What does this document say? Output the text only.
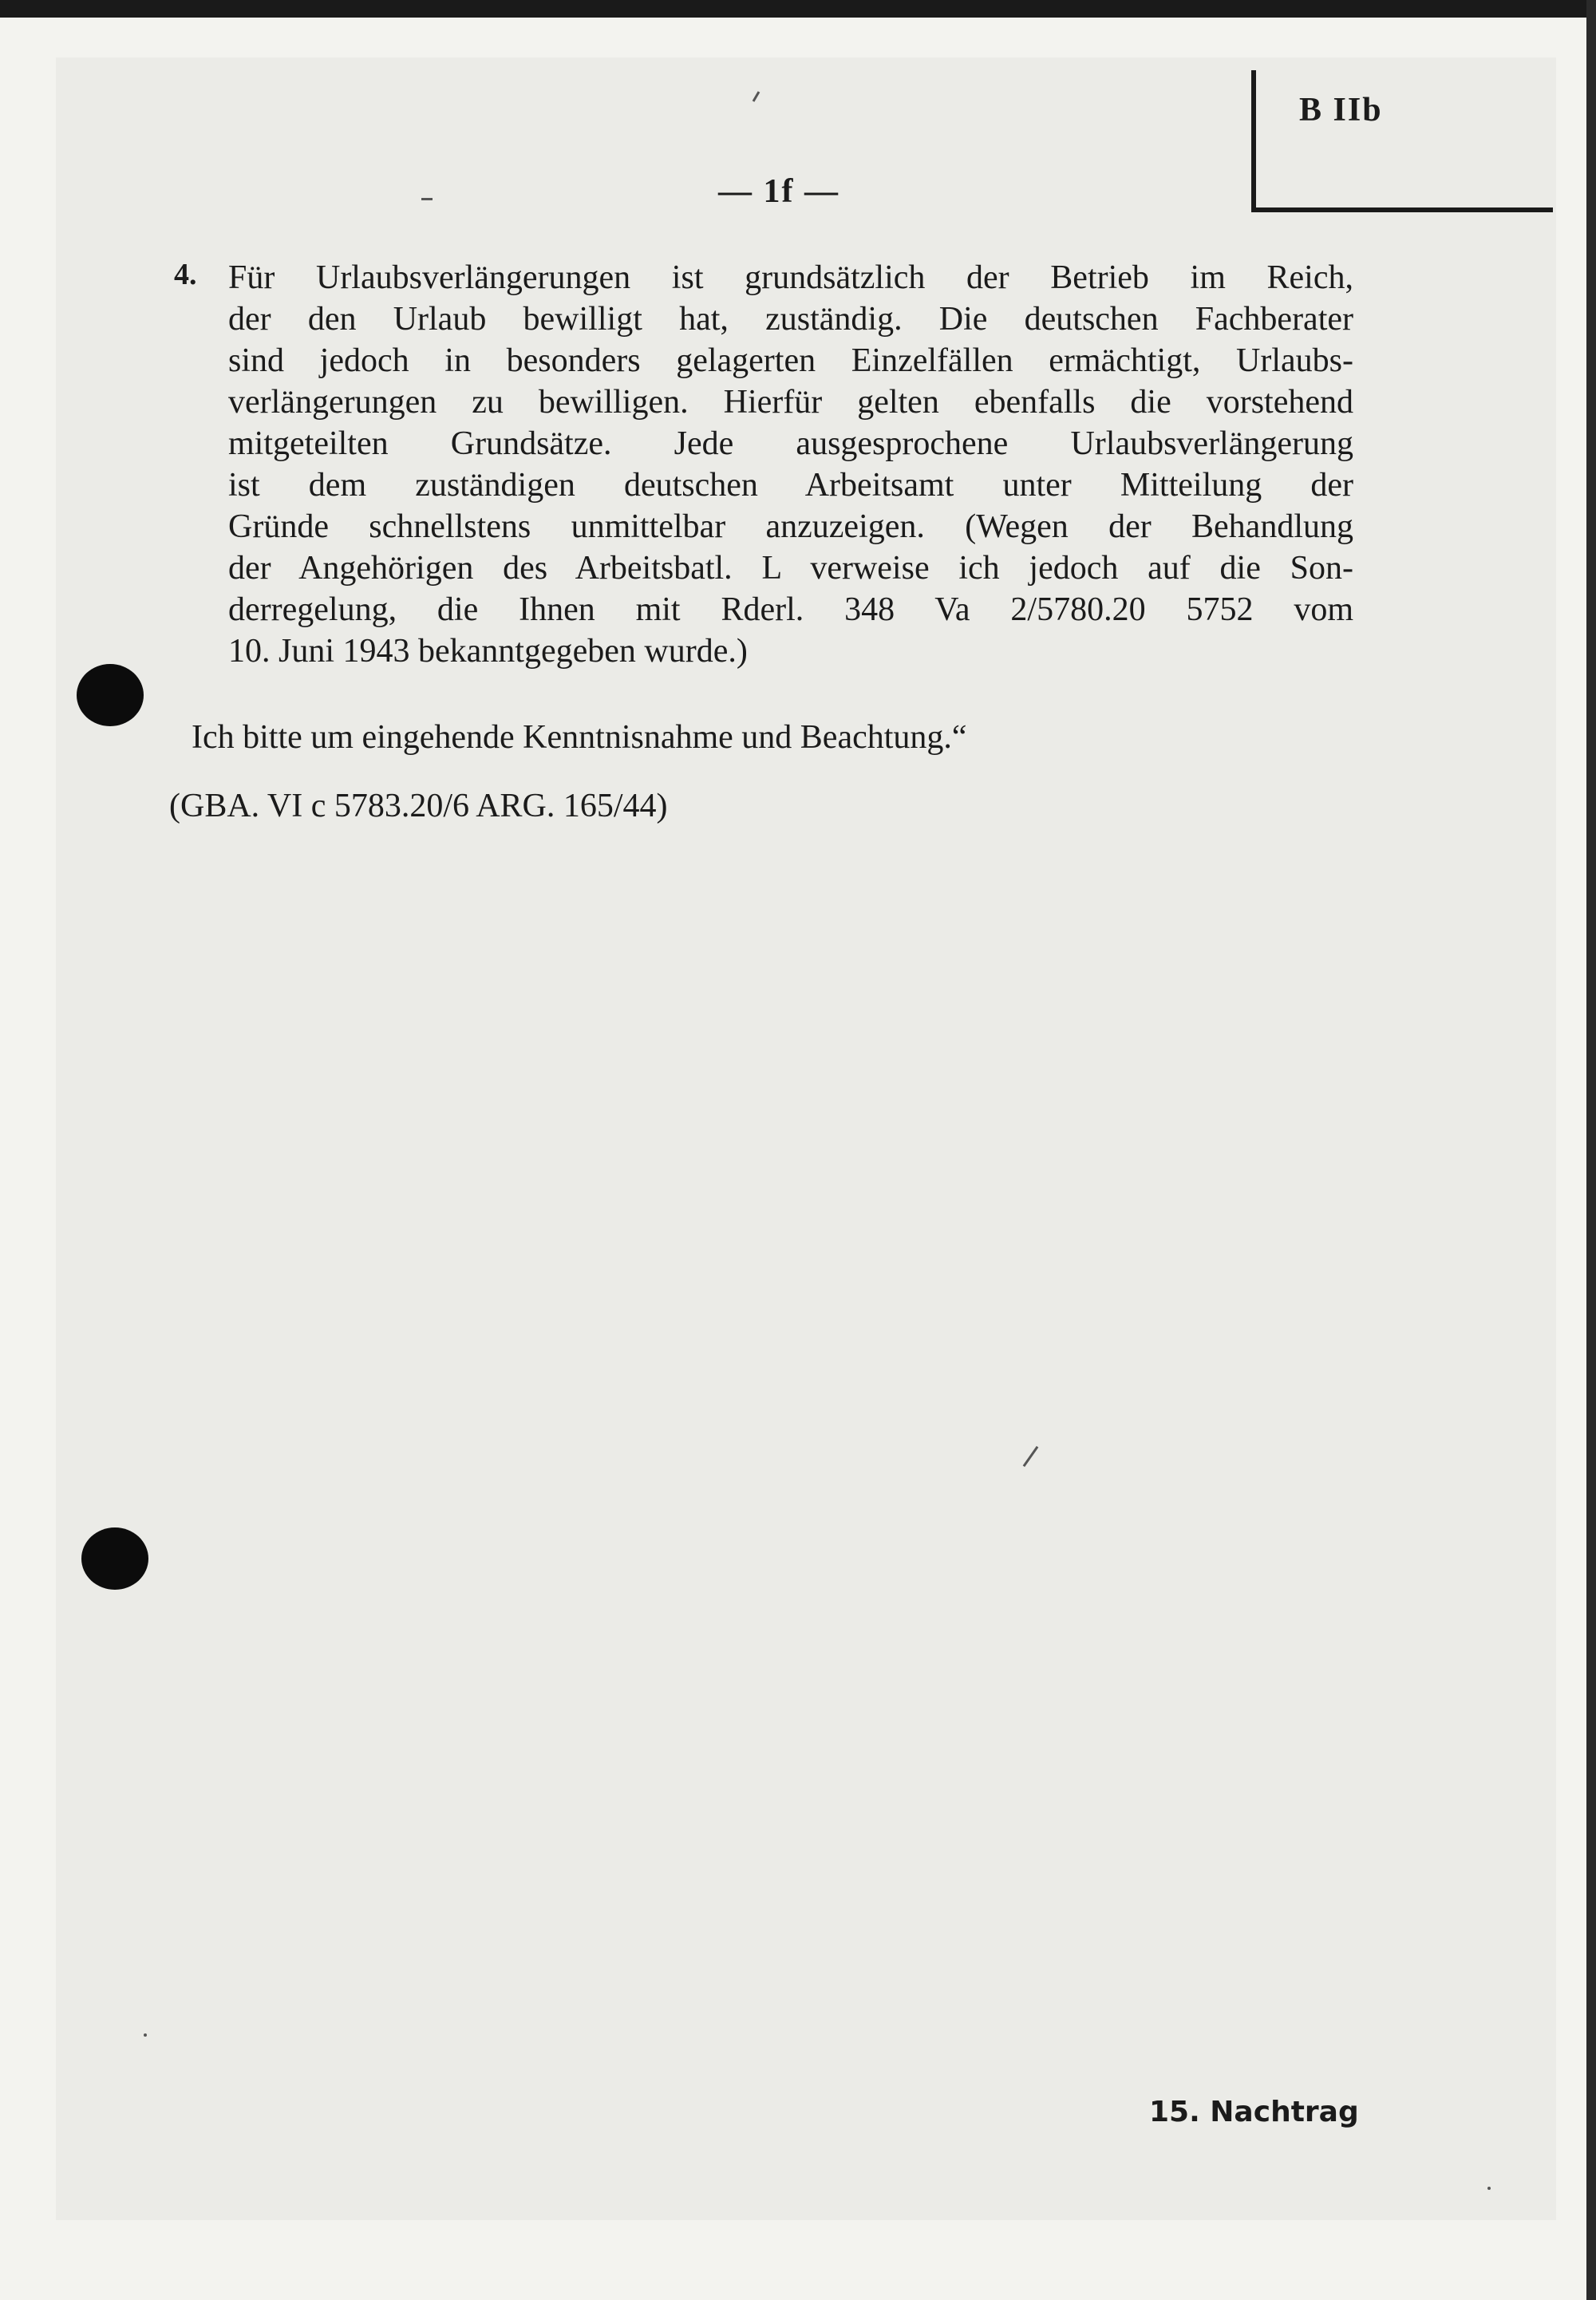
B IIb
— 1f —
4. Für Urlaubsverlängerungen ist grundsätzlich der Betrieb im Reich,
der den Urlaub bewilligt hat, zuständig. Die deutschen Fachberater
sind jedoch in besonders gelagerten Einzelfällen ermächtigt, Urlaubs-
verlängerungen zu bewilligen. Hierfür gelten ebenfalls die vorstehend
mitgeteilten Grundsätze. Jede ausgesprochene Urlaubsverlängerung
ist dem zuständigen deutschen Arbeitsamt unter Mitteilung der
Gründe schnellstens unmittelbar anzuzeigen. (Wegen der Behandlung
der Angehörigen des Arbeitsbatl. L verweise ich jedoch auf die Son-
derregelung, die Ihnen mit Rderl. 348 Va 2/5780.20 5752 vom
10. Juni 1943 bekanntgegeben wurde.)
Ich bitte um eingehende Kenntnisnahme und Beachtung.“
(GBA. VI c 5783.20/6 ARG. 165/44)
15. Nachtrag
